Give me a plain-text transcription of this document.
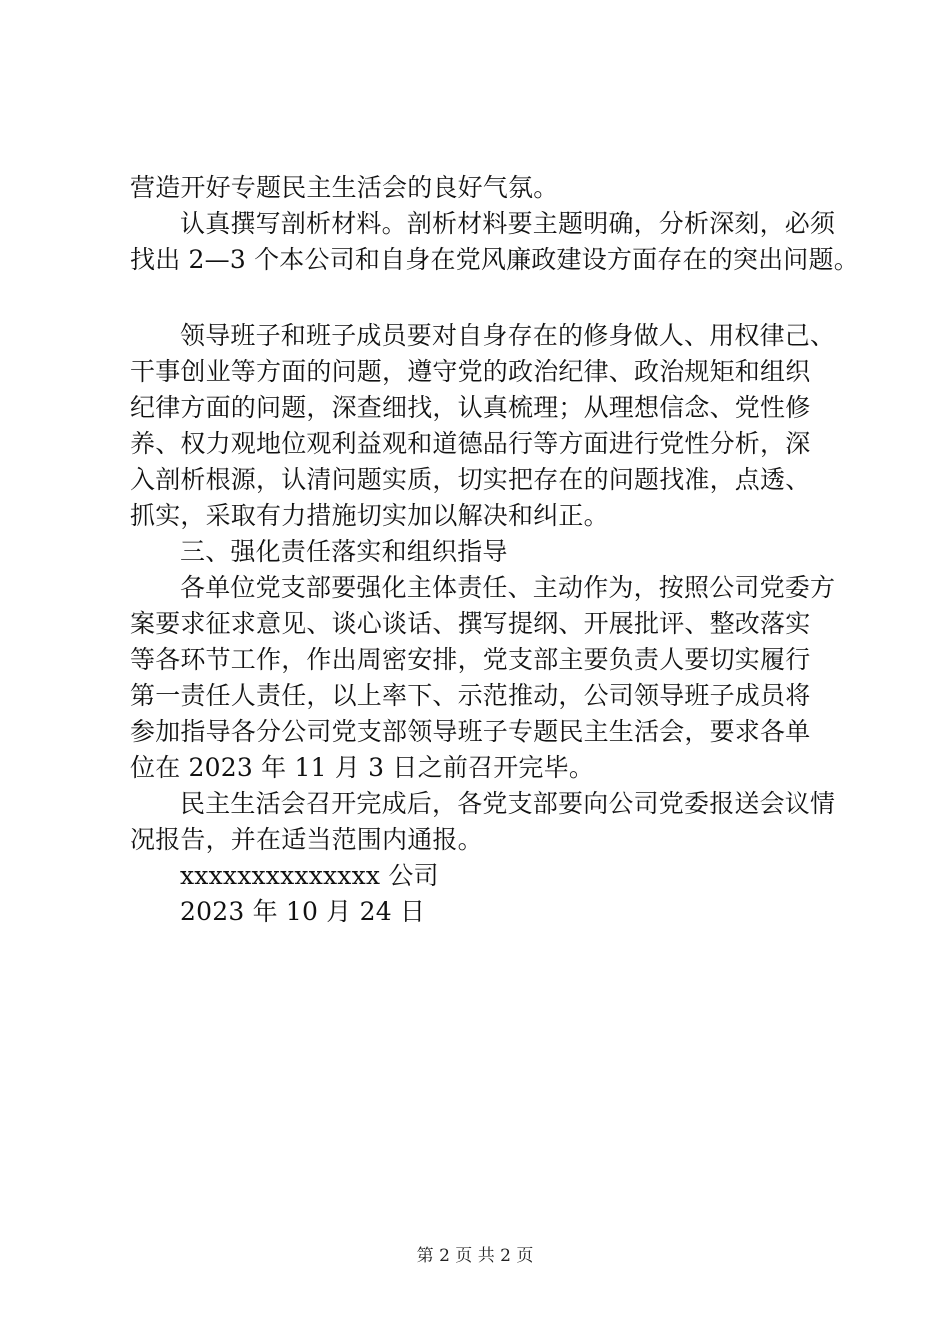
营造开好专题民主生活会的良好气氛。
认真撰写剖析材料。剖析材料要主题明确，分析深刻，必须
找出 2—3 个本公司和自身在党风廉政建设方面存在的突出问题。
领导班子和班子成员要对自身存在的修身做人、用权律己、
干事创业等方面的问题，遵守党的政治纪律、政治规矩和组织
纪律方面的问题，深查细找，认真梳理；从理想信念、党性修
养、权力观地位观利益观和道德品行等方面进行党性分析，深
入剖析根源，认清问题实质，切实把存在的问题找准，点透、
抓实，采取有力措施切实加以解决和纠正。
三、强化责任落实和组织指导
各单位党支部要强化主体责任、主动作为，按照公司党委方
案要求征求意见、谈心谈话、撰写提纲、开展批评、整改落实
等各环节工作，作出周密安排，党支部主要负责人要切实履行
第一责任人责任，以上率下、示范推动，公司领导班子成员将
参加指导各分公司党支部领导班子专题民主生活会，要求各单
位在 2023 年 11 月 3 日之前召开完毕。
民主生活会召开完成后，各党支部要向公司党委报送会议情
况报告，并在适当范围内通报。
xxxxxxxxxxxxxx 公司
2023 年 10 月 24 日
第 2 页 共 2 页
